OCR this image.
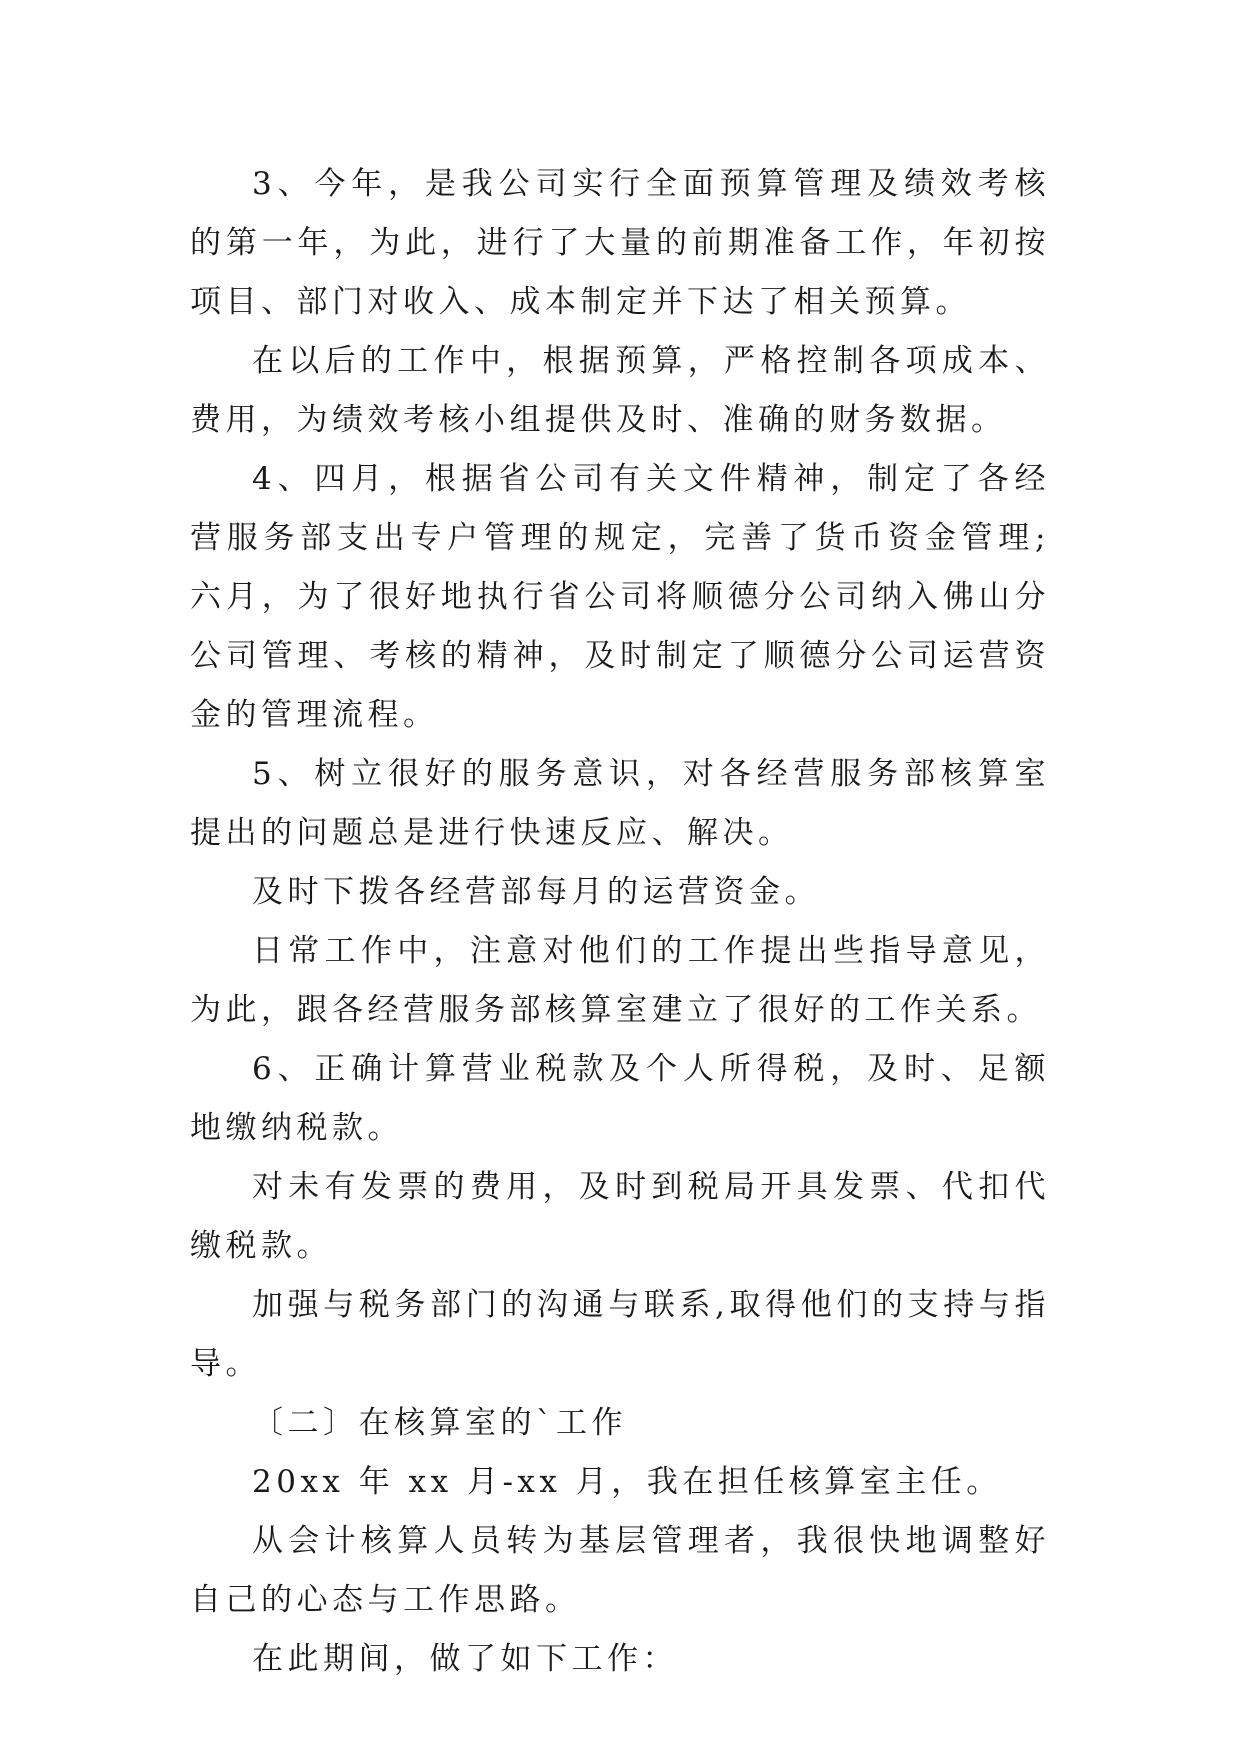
3、今年，是我公司实行全面预算管理及绩效考核的第一年，为此，进行了大量的前期准备工作，年初按项目、部门对收入、成本制定并下达了相关预算。

在以后的工作中，根据预算，严格控制各项成本、费用，为绩效考核小组提供及时、准确的财务数据。

4、四月，根据省公司有关文件精神，制定了各经营服务部支出专户管理的规定，完善了货币资金管理;六月，为了很好地执行省公司将顺德分公司纳入佛山分公司管理、考核的精神，及时制定了顺德分公司运营资金的管理流程。

5、树立很好的服务意识，对各经营服务部核算室提出的问题总是进行快速反应、解决。

及时下拨各经营部每月的运营资金。

日常工作中，注意对他们的工作提出些指导意见，为此，跟各经营服务部核算室建立了很好的工作关系。

6、正确计算营业税款及个人所得税，及时、足额地缴纳税款。

对未有发票的费用，及时到税局开具发票、代扣代缴税款。

加强与税务部门的沟通与联系,取得他们的支持与指导。

〔二〕在核算室的`工作

20xx 年 xx 月-xx 月，我在担任核算室主任。

从会计核算人员转为基层管理者，我很快地调整好自己的心态与工作思路。

在此期间，做了如下工作：
